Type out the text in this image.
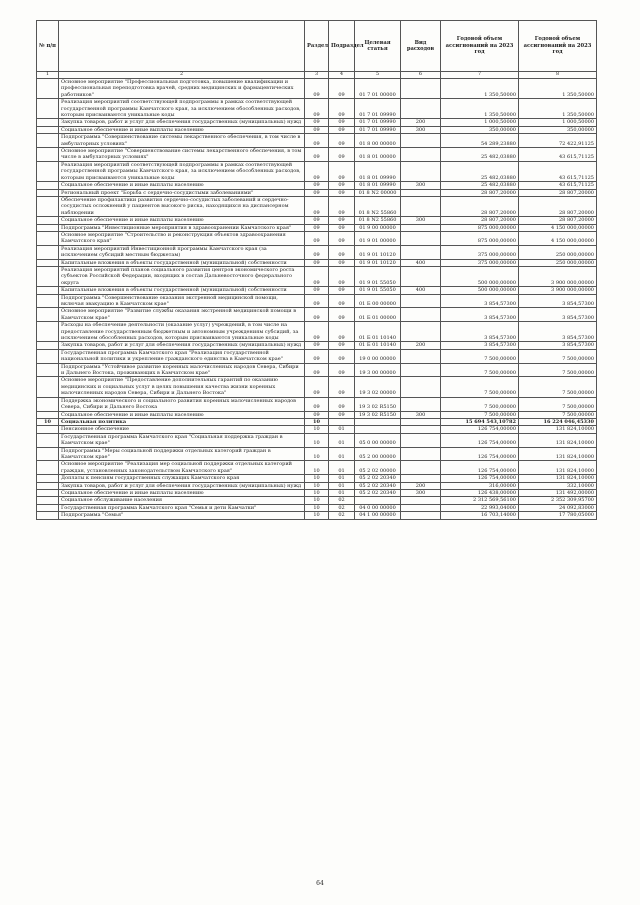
№ п/п		Раздел	Подраздел	Целевая статья	Вид расходов	Годовой объем ассигнований на 2023 год	Годовой объем ассигнований на 2023 год
1	2	3	4	5	6	7	8
	Основное мероприятие "Профессиональная подготовка, повышение квалификации и профессиональная переподготовка врачей, средних медицинских и фармацевтических работников"	09	09	01 7 01 00000		1 350,50000	1 350,50000
	Реализация мероприятий соответствующей подпрограммы в рамках соответствующей государственной программы Камчатского края, за исключением обособленных расходов, которым присваиваются уникальные коды	09	09	01 7 01 09990		1 350,50000	1 350,50000
	Закупка товаров, работ и услуг для обеспечения государственных (муниципальных) нужд	09	09	01 7 01 09990	200	1 000,50000	1 000,50000
	Социальное обеспечение и иные выплаты населению	09	09	01 7 01 09990	300	350,00000	350,00000
	Подпрограмма "Совершенствование системы лекарственного обеспечения, в том числе в амбулаторных условиях"	09	09	01 8 00 00000		54 289,23880	72 422,91125
	Основное мероприятие "Совершенствование системы лекарственного обеспечения, в том числе в амбулаторных условиях"	09	09	01 8 01 00000		25 482,03880	43 615,71125
	Реализация мероприятий соответствующей подпрограммы в рамках соответствующей государственной программы Камчатского края, за исключением обособленных расходов, которым присваиваются уникальные коды	09	09	01 8 01 09990		25 482,03880	43 615,71125
	Социальное обеспечение и иные выплаты населению	09	09	01 8 01 09990	300	25 482,03880	43 615,71125
	Региональный проект "Борьба с сердечно-сосудистыми заболеваниями"	09	09	01 8 N2 00000		28 807,20000	28 807,20000
	Обеспечение профилактики развития сердечно-сосудистых заболеваний и сердечно-сосудистых осложнений у пациентов высокого риска, находящихся на диспансерном наблюдении	09	09	01 8 N2 55860		28 807,20000	28 807,20000
	Социальное обеспечение и иные выплаты населению	09	09	01 8 N2 55860	300	28 807,20000	28 807,20000
	Подпрограмма "Инвестиционные мероприятия в здравоохранении Камчатского края"	09	09	01 9 00 00000		875 000,00000	4 150 000,00000
	Основное мероприятие "Строительство и реконструкция объектов здравоохранения Камчатского края"	09	09	01 9 01 00000		875 000,00000	4 150 000,00000
	Реализация мероприятий Инвестиционной программы Камчатского края (за исключением субсидий местным бюджетам)	09	09	01 9 01 10120		375 000,00000	250 000,00000
	Капитальные вложения в объекты государственной (муниципальной) собственности	09	09	01 9 01 10120	400	375 000,00000	250 000,00000
	Реализация мероприятий планов социального развития центров экономического роста субъектов Российской Федерации, входящих в состав Дальневосточного федерального округа	09	09	01 9 01 55050		500 000,00000	3 900 000,00000
	Капитальные вложения в объекты государственной (муниципальной) собственности	09	09	01 9 01 55050	400	500 000,00000	3 900 000,00000
	Подпрограмма "Совершенствование оказания экстренной медицинской помощи, включая эвакуацию в Камчатском крае"	09	09	01 Б 00 00000		3 854,57300	3 854,57300
	Основное мероприятие "Развитие службы оказания экстренной медицинской помощи в Камчатском крае"	09	09	01 Б 01 00000		3 854,57300	3 854,57300
	Расходы на обеспечение деятельности (оказание услуг) учреждений, в том числе на предоставление государственным бюджетным и автономным учреждениям субсидий, за исключением обособленных расходов, которым присваиваются уникальные коды	09	09	01 Б 01 10140		3 854,57300	3 854,57300
	Закупка товаров, работ и услуг для обеспечения государственных (муниципальных) нужд	09	09	01 Б 01 10140	200	3 854,57300	3 854,57300
	Государственная программа Камчатского края "Реализация государственной национальной политики и укрепление гражданского единства в Камчатском крае"	09	09	19 0 00 00000		7 500,00000	7 500,00000
	Подпрограмма "Устойчивое развитие коренных малочисленных народов Севера, Сибири и Дальнего Востока, проживающих в Камчатском крае"	09	09	19 3 00 00000		7 500,00000	7 500,00000
	Основное мероприятие "Предоставление дополнительных гарантий по оказанию медицинских и социальных услуг в целях повышения качества жизни коренных малочисленных народов Севера, Сибири и Дальнего Востока"	09	09	19 3 02 00000		7 500,00000	7 500,00000
	Поддержка экономического и социального развития коренных малочисленных народов Севера, Сибири и Дальнего Востока	09	09	19 3 02 R5150		7 500,00000	7 500,00000
	Социальное обеспечение и иные выплаты населению	09	09	19 3 02 R5150	300	7 500,00000	7 500,00000
10	Социальная политика	10				15 694 543,10782	16 224 046,45330
	Пенсионное обеспечение	10	01			126 754,00000	131 824,10000
	Государственная программа Камчатского края "Социальная поддержка граждан в Камчатском крае"	10	01	05 0 00 00000		126 754,00000	131 824,10000
	Подпрограмма "Меры социальной поддержки отдельных категорий граждан в Камчатском крае"	10	01	05 2 00 00000		126 754,00000	131 824,10000
	Основное мероприятие "Реализация мер социальной поддержки отдельных категорий граждан, установленных законодательством Камчатского края"	10	01	05 2 02 00000		126 754,00000	131 824,10000
	Доплаты к пенсиям государственных служащих Камчатского края	10	01	05 2 02 20340		126 754,00000	131 824,10000
	Закупка товаров, работ и услуг для обеспечения государственных (муниципальных) нужд	10	01	05 2 02 20340	200	316,00000	332,10000
	Социальное обеспечение и иные выплаты населению	10	01	05 2 02 20340	300	126 438,00000	131 492,00000
	Социальное обслуживание населения	10	02			2 312 569,56100	2 352 309,95700
	Государственная программа Камчатского края "Семья и дети Камчатки"	10	02	04 0 00 00000		22 993,04000	24 092,83000
	Подпрограмма "Семья"	10	02	04 1 00 00000		16 703,14000	17 780,05000
64
